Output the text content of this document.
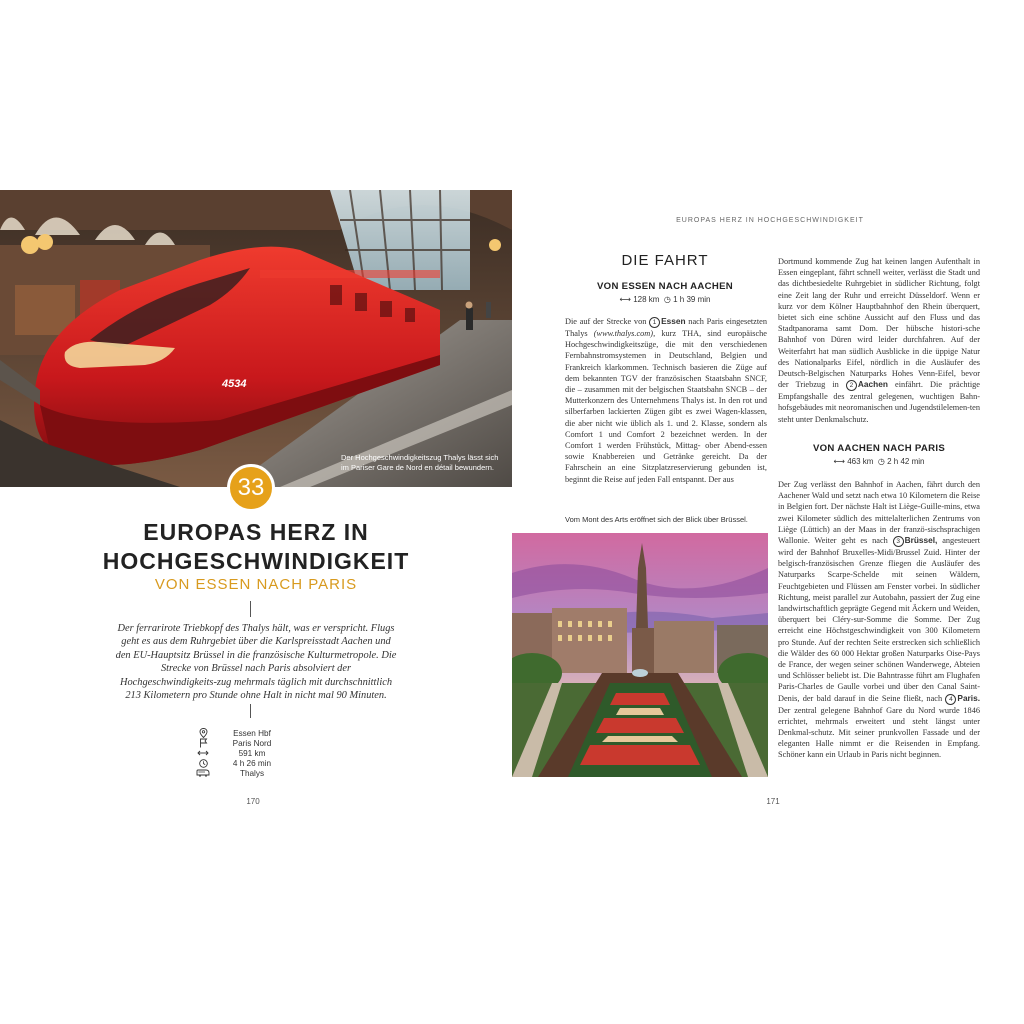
4534
Der Hochgeschwindigkeitszug Thalys lässt sich im Pariser Gare de Nord en détail bewundern.
33
EUROPAS HERZ IN HOCHGESCHWINDIGKEIT
VON ESSEN NACH PARIS
Der ferrarirote Triebkopf des Thalys hält, was er verspricht. Flugs geht es aus dem Ruhrgebiet über die Karlspreisstadt Aachen und den EU-Hauptsitz Brüssel in die französische Kulturmetropole. Die Strecke von Brüssel nach Paris absolviert der Hochgeschwindigkeits-zug mehrmals täglich mit durchschnittlich 213 Kilometern pro Stunde ohne Halt in nicht mal 90 Minuten.
Essen Hbf
Paris Nord
591 km
4 h 26 min
Thalys
170
EUROPAS HERZ IN HOCHGESCHWINDIGKEIT
DIE FAHRT
VON ESSEN NACH AACHEN
⟷ 128 km ◷ 1 h 39 min
Die auf der Strecke von 1 Essen nach Paris eingesetzten Thalys (www.thalys.com), kurz THA, sind europäische Hochgeschwindigkeitszüge, die mit den verschiedenen Fernbahnstromsystemen in Deutschland, Belgien und Frankreich klarkommen. Technisch basieren die Züge auf dem bekannten TGV der französischen Staatsbahn SNCF, die – zusammen mit der belgischen Staatsbahn SNCB – der Mutterkonzern des Unternehmens Thalys ist. In den rot und silberfarben lackierten Zügen gibt es zwei Wagen-klassen, die aber nicht wie üblich als 1. und 2. Klasse, sondern als Comfort 1 und Comfort 2 bezeichnet werden. In der Comfort 1 werden Frühstück, Mittag- ober Abend-essen sowie Knabbereien und Getränke gereicht. Da der Fahrschein an eine Sitzplatzreservierung gebunden ist, beginnt die Reise auf jeden Fall entspannt. Der aus
Vom Mont des Arts eröffnet sich der Blick über Brüssel.
Dortmund kommende Zug hat keinen langen Aufenthalt in Essen eingeplant, fährt schnell weiter, verlässt die Stadt und das dichtbesiedelte Ruhrgebiet in südlicher Richtung, folgt eine Zeit lang der Ruhr und erreicht Düsseldorf. Wenn er kurz vor dem Kölner Hauptbahnhof den Rhein überquert, bietet sich eine schöne Aussicht auf den Fluss und das Stadtpanorama samt Dom. Der hübsche histori-sche Bahnhof von Düren wird leider durchfahren. Auf der Weiterfahrt hat man südlich Ausblicke in die üppige Natur des Nationalparks Eifel, nördlich in die Ausläufer des Deutsch-Belgischen Naturparks Hohes Venn-Eifel, bevor der Triebzug in 2 Aachen einfährt. Die prächtige Empfangshalle des zentral gelegenen, wuchtigen Bahn-hofsgebäudes mit neoromanischen und Jugendstilelemen-ten steht unter Denkmalschutz.
VON AACHEN NACH PARIS
⟷ 463 km ◷ 2 h 42 min
Der Zug verlässt den Bahnhof in Aachen, fährt durch den Aachener Wald und setzt nach etwa 10 Kilometern die Reise in Belgien fort. Der nächste Halt ist Liège-Guille-mins, etwa zwei Kilometer südlich des mittelalterlichen Zentrums von Liège (Lüttich) an der Maas in der franzö-sischsprachigen Wallonie. Weiter geht es nach 3 Brüssel, angesteuert wird der Bahnhof Bruxelles-Midi/Brussel Zuid. Hinter der belgisch-französischen Grenze fliegen die Ausläufer des Naturparks Scarpe-Schelde mit seinen Wäldern, Feuchtgebieten und Flüssen am Fenster vorbei. In südlicher Richtung, meist parallel zur Autobahn, passiert der Zug eine landwirtschaftlich geprägte Gegend mit Äckern und Weiden, überquert bei Cléry-sur-Somme die Somme. Der Zug erreicht eine Höchstgeschwindigkeit von 300 Kilometern pro Stunde. Auf der rechten Seite erstrecken sich schließlich die Wälder des 60 000 Hektar großen Naturparks Oise-Pays de France, der wegen seiner schönen Wanderwege, Abteien und Schlösser beliebt ist. Die Bahntrasse führt am Flughafen Paris-Charles de Gaulle vorbei und über den Canal Saint-Denis, der bald darauf in die Seine fließt, nach 4 Paris. Der zentral gelegene Bahnhof Gare du Nord wurde 1846 errichtet, mehrmals erweitert und steht längst unter Denkmal-schutz. Mit seiner prunkvollen Fassade und der eleganten Halle nimmt er die Reisenden in Empfang. Schöner kann ein Urlaub in Paris nicht beginnen.
171
